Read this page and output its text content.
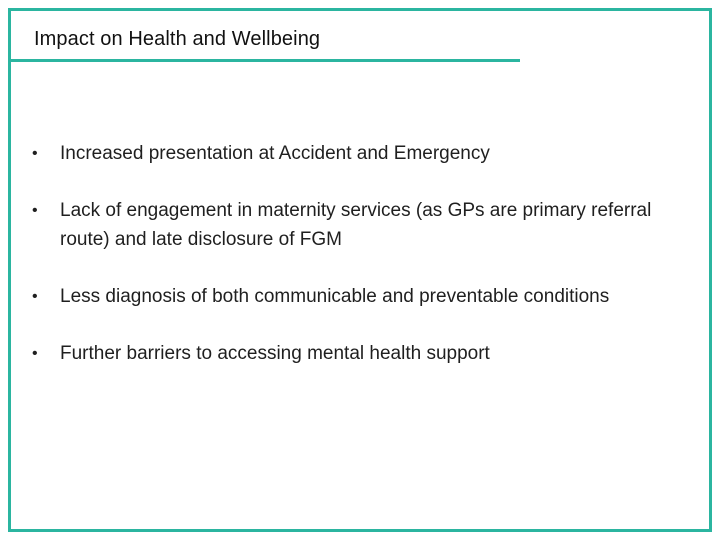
Impact on Health and Wellbeing
•	Increased presentation at Accident and Emergency
•	Lack of engagement in maternity services (as GPs are primary referral route) and late disclosure of FGM
•	Less diagnosis of both communicable and preventable conditions
•	Further barriers to accessing mental health support
